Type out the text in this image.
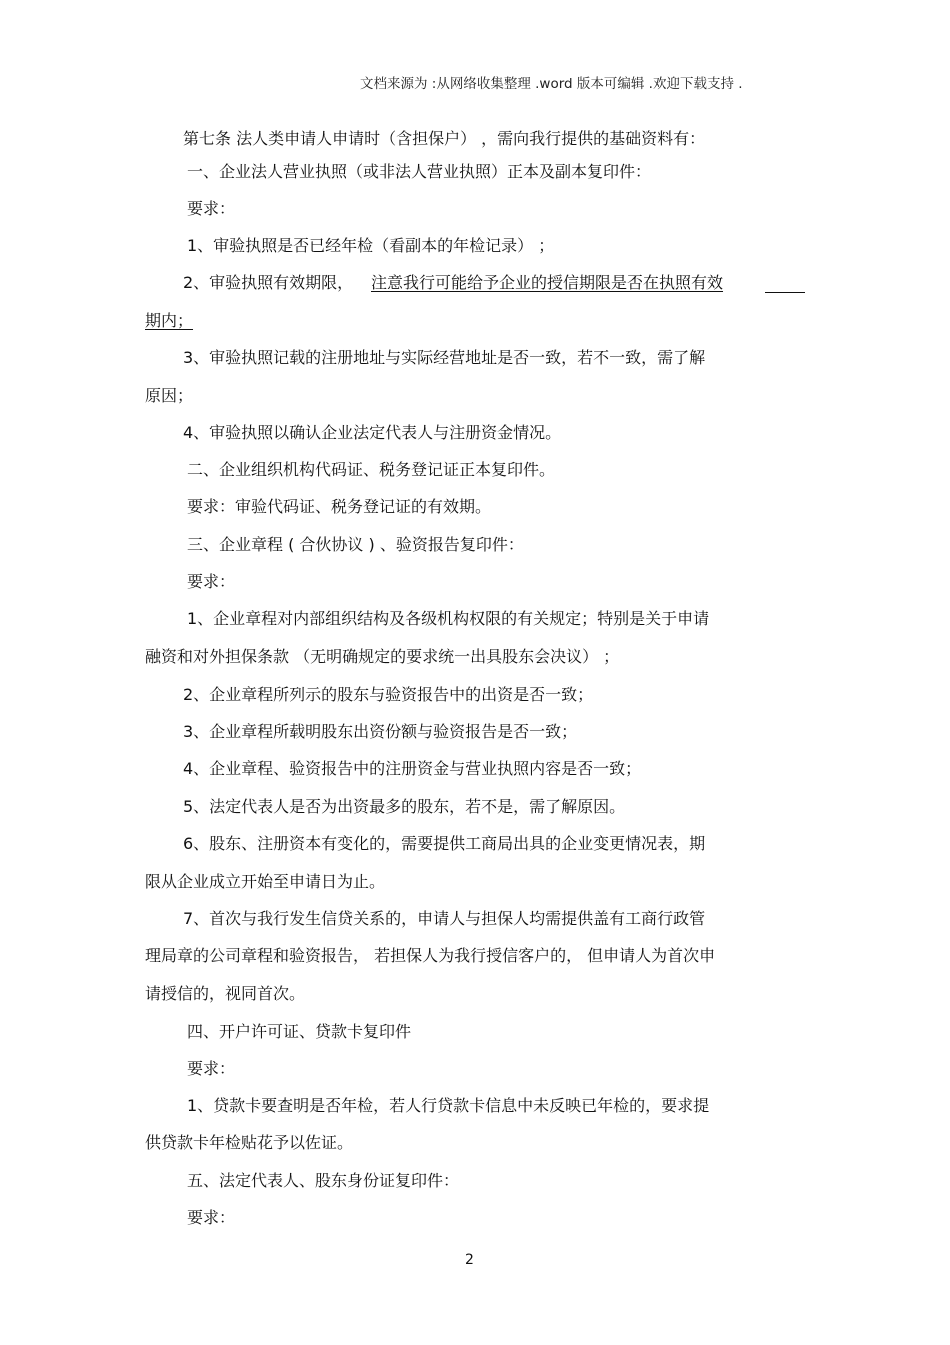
文档来源为 :从网络收集整理 .word 版本可编辑 .欢迎下载支持 .
第七条 法人类申请人申请时（含担保户） ，需向我行提供的基础资料有：
一、企业法人营业执照（或非法人营业执照）正本及副本复印件：
要求：
1、审验执照是否已经年检（看副本的年检记录） ；
2、审验执照有效期限， 注意我行可能给予企业的授信期限是否在执照有效
期内；
3、审验执照记载的注册地址与实际经营地址是否一致，若不一致，需了解
原因；
4、审验执照以确认企业法定代表人与注册资金情况。
二、企业组织机构代码证、税务登记证正本复印件。
要求：审验代码证、税务登记证的有效期。
三、企业章程 ( 合伙协议 ) 、验资报告复印件：
要求：
1、企业章程对内部组织结构及各级机构权限的有关规定；特别是关于申请
融资和对外担保条款 （无明确规定的要求统一出具股东会决议） ；
2、企业章程所列示的股东与验资报告中的出资是否一致；
3、企业章程所载明股东出资份额与验资报告是否一致；
4、企业章程、验资报告中的注册资金与营业执照内容是否一致；
5、法定代表人是否为出资最多的股东，若不是，需了解原因。
6、股东、注册资本有变化的，需要提供工商局出具的企业变更情况表，期
限从企业成立开始至申请日为止。
7、首次与我行发生信贷关系的，申请人与担保人均需提供盖有工商行政管
理局章的公司章程和验资报告， 若担保人为我行授信客户的， 但申请人为首次申
请授信的，视同首次。
四、开户许可证、贷款卡复印件
要求：
1、贷款卡要查明是否年检，若人行贷款卡信息中未反映已年检的，要求提
供贷款卡年检贴花予以佐证。
五、法定代表人、股东身份证复印件：
要求：
2
